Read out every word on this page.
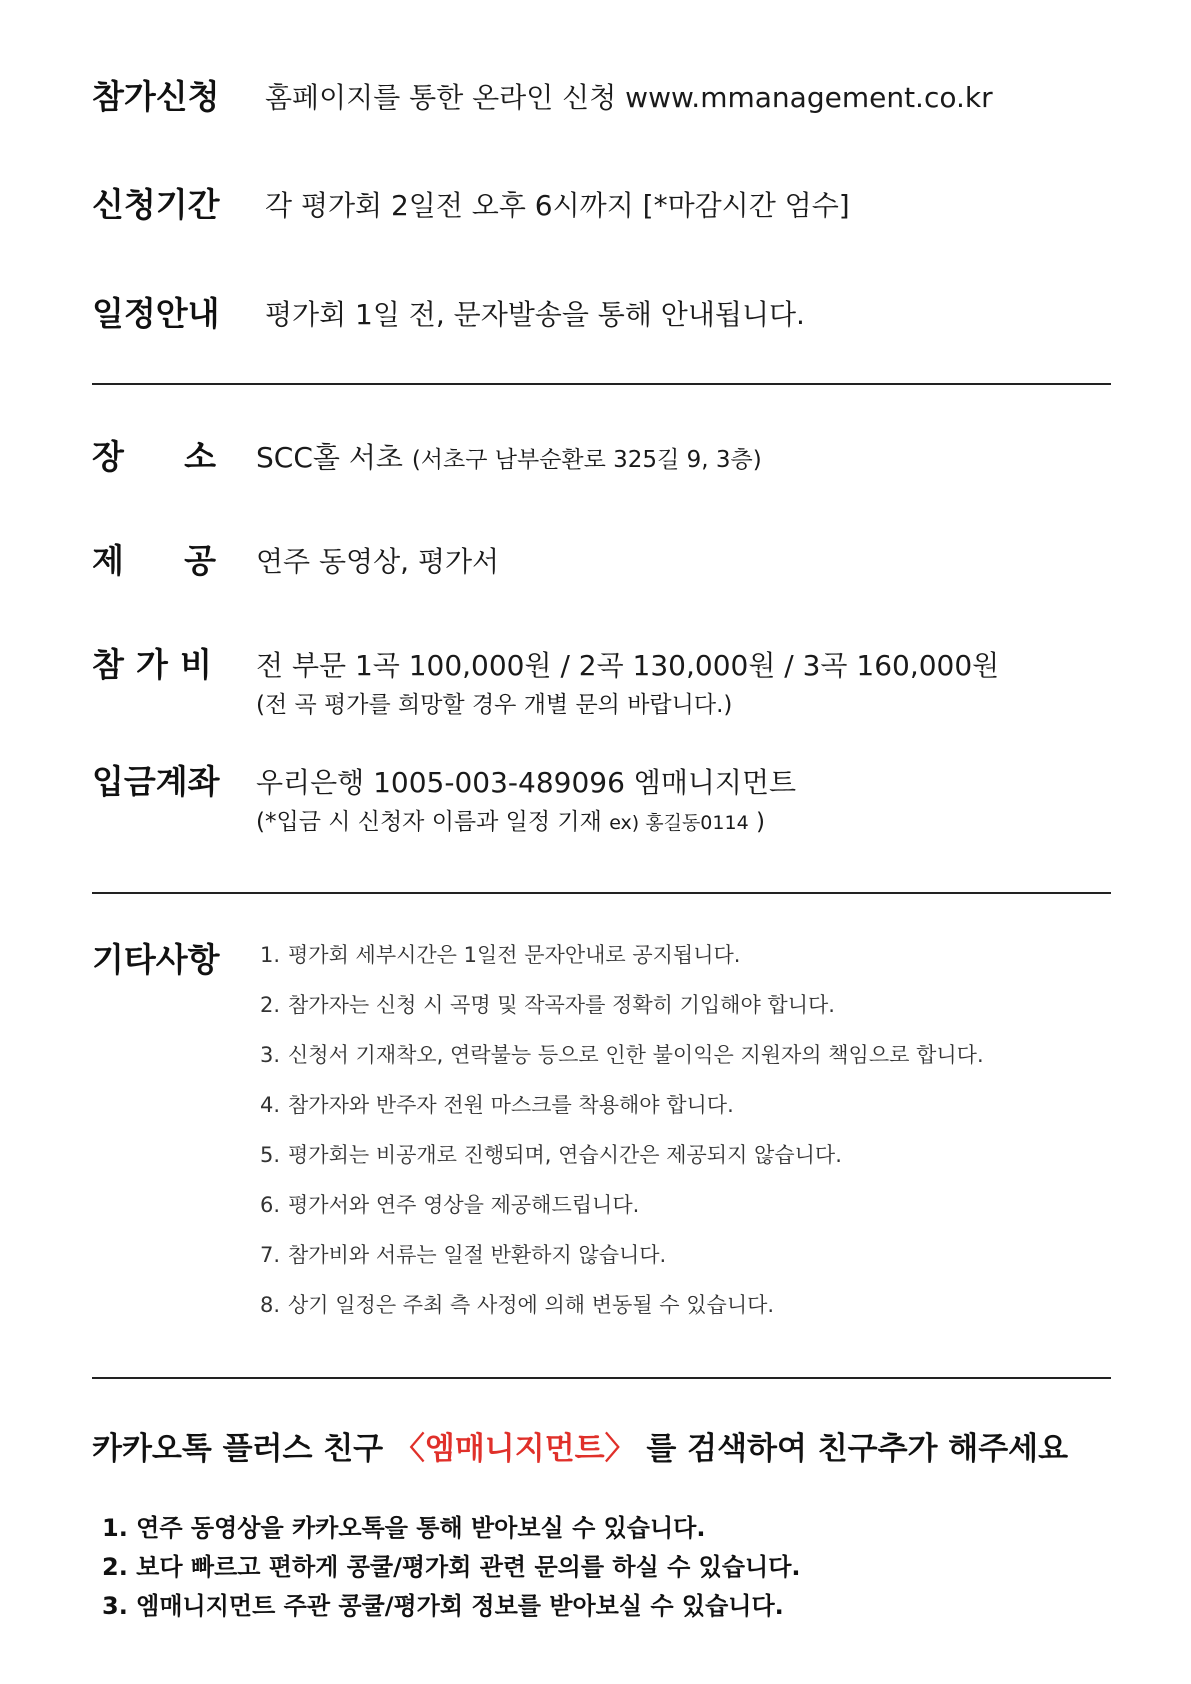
참가신청 홈페이지를 통한 온라인 신청 www.mmanagement.co.kr
신청기간 각 평가회 2일전 오후 6시까지 [*마감시간 엄수]
일정안내 평가회 1일 전, 문자발송을 통해 안내됩니다.
장 소 SCC홀 서초 (서초구 남부순환로 325길 9, 3층)
제 공 연주 동영상, 평가서
참 가 비 전 부문 1곡 100,000원 / 2곡 130,000원 / 3곡 160,000원
(전 곡 평가를 희망할 경우 개별 문의 바랍니다.)
입금계좌 우리은행 1005-003-489096 엠매니지먼트
(*입금 시 신청자 이름과 일정 기재 ex) 홍길동0114 )
기타사항 1. 평가회 세부시간은 1일전 문자안내로 공지됩니다.
2. 참가자는 신청 시 곡명 및 작곡자를 정확히 기입해야 합니다.
3. 신청서 기재착오, 연락불능 등으로 인한 불이익은 지원자의 책임으로 합니다.
4. 참가자와 반주자 전원 마스크를 착용해야 합니다.
5. 평가회는 비공개로 진행되며, 연습시간은 제공되지 않습니다.
6. 평가서와 연주 영상을 제공해드립니다.
7. 참가비와 서류는 일절 반환하지 않습니다.
8. 상기 일정은 주최 측 사정에 의해 변동될 수 있습니다.
카카오톡 플러스 친구 〈엠매니지먼트〉 를 검색하여 친구추가 해주세요
1. 연주 동영상을 카카오톡을 통해 받아보실 수 있습니다.
2. 보다 빠르고 편하게 콩쿨/평가회 관련 문의를 하실 수 있습니다.
3. 엠매니지먼트 주관 콩쿨/평가회 정보를 받아보실 수 있습니다.
